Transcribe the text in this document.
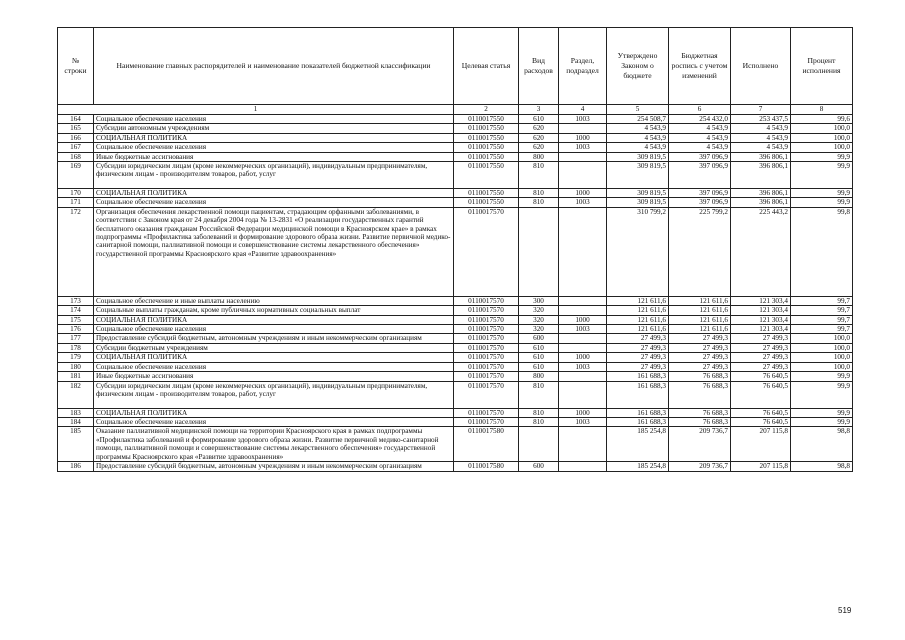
№ строки	Наименование главных распорядителей и наименование показателей бюджетной классификации	Целевая статья	Вид расходов	Раздел, подраздел	Утверждено Законом о бюджете	Бюджетная роспись с учетом изменений	Исполнено	Процент исполнения
1		2	3	4	5	6	7	8
164	Социальное обеспечение населения	0110017550	610	1003	254 508,7	254 432,0	253 437,5	99,6
165	Субсидии автономным учреждениям	0110017550	620		4 543,9	4 543,9	4 543,9	100,0
166	СОЦИАЛЬНАЯ ПОЛИТИКА	0110017550	620	1000	4 543,9	4 543,9	4 543,9	100,0
167	Социальное обеспечение населения	0110017550	620	1003	4 543,9	4 543,9	4 543,9	100,0
168	Иные бюджетные ассигнования	0110017550	800		309 819,5	397 096,9	396 806,1	99,9
169	Субсидии юридическим лицам (кроме некоммерческих организаций), индивидуальным предпринимателям, физическим лицам - производителям товаров, работ, услуг	0110017550	810		309 819,5	397 096,9	396 806,1	99,9
170	СОЦИАЛЬНАЯ ПОЛИТИКА	0110017550	810	1000	309 819,5	397 096,9	396 806,1	99,9
171	Социальное обеспечение населения	0110017550	810	1003	309 819,5	397 096,9	396 806,1	99,9
172	Организация обеспечения лекарственной помощи пациентам, страдающим орфанными заболеваниями, в соответствии с Законом края от 24 декабря 2004 года № 13-2831 «О реализации государственных гарантий бесплатного оказания гражданам Российской Федерации медицинской помощи в Красноярском крае» в рамках подпрограммы «Профилактика заболеваний и формирование здорового образа жизни. Развитие первичной медико-санитарной помощи, паллиативной помощи и совершенствование системы лекарственного обеспечения» государственной программы Красноярского края «Развитие здравоохранения»	0110017570			310 799,2	225 799,2	225 443,2	99,8
173	Социальное обеспечение и иные выплаты населению	0110017570	300		121 611,6	121 611,6	121 303,4	99,7
174	Социальные выплаты гражданам, кроме публичных нормативных социальных выплат	0110017570	320		121 611,6	121 611,6	121 303,4	99,7
175	СОЦИАЛЬНАЯ ПОЛИТИКА	0110017570	320	1000	121 611,6	121 611,6	121 303,4	99,7
176	Социальное обеспечение населения	0110017570	320	1003	121 611,6	121 611,6	121 303,4	99,7
177	Предоставление субсидий бюджетным, автономным учреждениям и иным некоммерческим организациям	0110017570	600		27 499,3	27 499,3	27 499,3	100,0
178	Субсидии бюджетным учреждениям	0110017570	610		27 499,3	27 499,3	27 499,3	100,0
179	СОЦИАЛЬНАЯ ПОЛИТИКА	0110017570	610	1000	27 499,3	27 499,3	27 499,3	100,0
180	Социальное обеспечение населения	0110017570	610	1003	27 499,3	27 499,3	27 499,3	100,0
181	Иные бюджетные ассигнования	0110017570	800		161 688,3	76 688,3	76 640,5	99,9
182	Субсидии юридическим лицам (кроме некоммерческих организаций), индивидуальным предпринимателям, физическим лицам - производителям товаров, работ, услуг	0110017570	810		161 688,3	76 688,3	76 640,5	99,9
183	СОЦИАЛЬНАЯ ПОЛИТИКА	0110017570	810	1000	161 688,3	76 688,3	76 640,5	99,9
184	Социальное обеспечение населения	0110017570	810	1003	161 688,3	76 688,3	76 640,5	99,9
185	Оказание паллиативной медицинской помощи на территории Красноярского края в рамках подпрограммы «Профилактика заболеваний и формирование здорового образа жизни. Развитие первичной медико-санитарной помощи, паллиативной помощи и совершенствование системы лекарственного обеспечения» государственной программы Красноярского края «Развитие здравоохранения»	0110017580			185 254,8	209 736,7	207 115,8	98,8
186	Предоставление субсидий бюджетным, автономным учреждениям и иным некоммерческим организациям	0110017580	600		185 254,8	209 736,7	207 115,8	98,8
519
